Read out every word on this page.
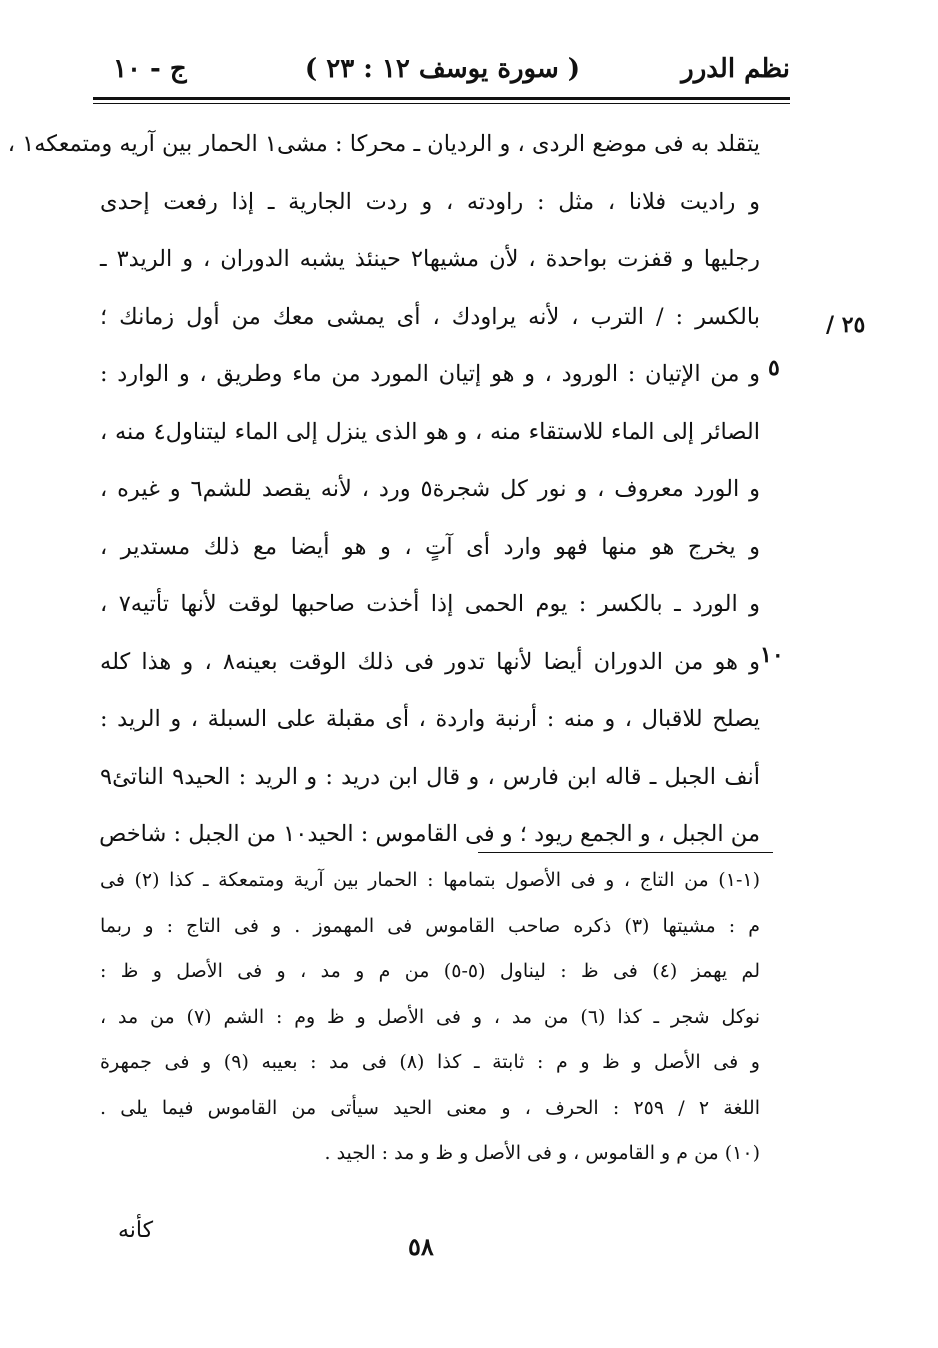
نظم الدرر
( سورة يوسف ١٢ : ٢٣ )
ج - ١٠
٢٥ /
٥
١٠
يتقلد به فى موضع الردى ، و الرديان ـ محركا : مشى١ الحمار بين آريه ومتمعكه١ ،
و راديت فلانا ، مثل : راودته ، و ردت الجارية ـ إذا رفعت إحدى
رجليها و قفزت بواحدة ، لأن مشيها٢ حينئذ يشبه الدوران ، و الريد٣ ـ
بالكسر : / الترب ، لأنه يراودك ، أى يمشى معك من أول زمانك ؛
و من الإتيان : الورود ، و هو إتيان المورد من ماء وطريق ، و الوارد :
الصائر إلى الماء للاستقاء منه ، و هو الذى ينزل إلى الماء ليتناول٤ منه ،
و الورد معروف ، و نور كل شجرة٥ ورد ، لأنه يقصد للشم٦ و غيره ،
و يخرج هو منها فهو وارد أى آتٍ ، و هو أيضا مع ذلك مستدير ،
و الورد ـ بالكسر : يوم الحمى إذا أخذت صاحبها لوقت لأنها تأتيه٧ ،
و هو من الدوران أيضا لأنها تدور فى ذلك الوقت بعينه٨ ، و هذا كله
يصلح للاقبال ، و منه : أرنبة واردة ، أى مقبلة على السبلة ، و الريد :
أنف الجبل ـ قاله ابن فارس ، و قال ابن دريد : و الريد : الحيد٩ الناتئ٩
من الجبل ، و الجمع ريود ؛ و فى القاموس : الحيد١٠ من الجبل : شاخص
(١-١) من التاج ، و فى الأصول بتمامها : الحمار بين آرية ومتمعكة ـ كذا (٢) فى
م : مشيتها (٣) ذكره صاحب القاموس فى المهموز . و فى التاج : و ربما
لم يهمز (٤) فى ظ : ليناول (٥-٥) من م و مد ، و فى الأصل و ظ :
نوكل شجر ـ كذا (٦) من مد ، و فى الأصل و ظ وم : الشم (٧) من مد ،
و فى الأصل و ظ و م : ثابتة ـ كذا (٨) فى مد : بعيبه (٩) و فى جمهرة
اللغة ٢ / ٢٥٩ : الحرف ، و معنى الحيد سيأتى من القاموس فيما يلى .
(١٠) من م و القاموس ، و فى الأصل و ظ و مد : الجيد .
كأنه
٥٨
